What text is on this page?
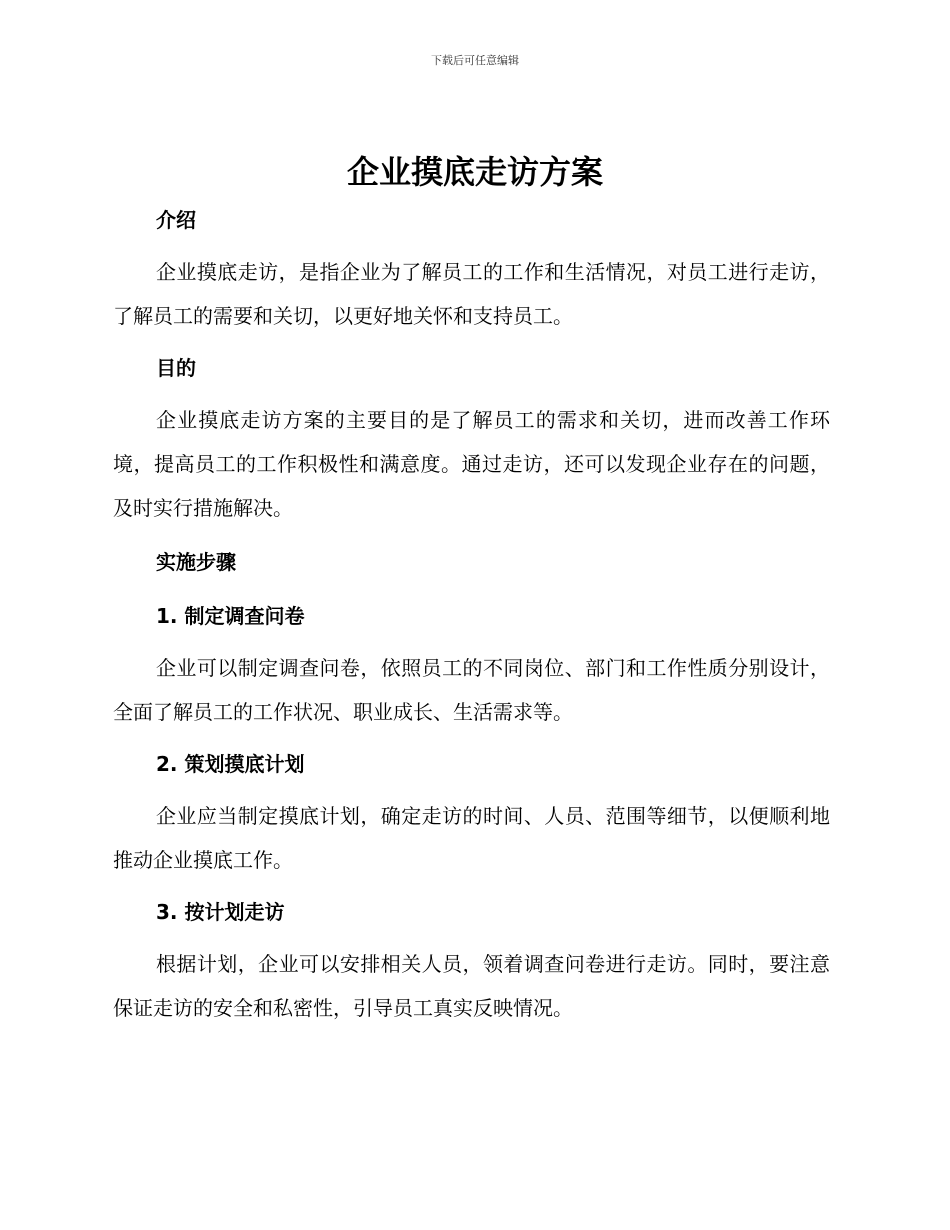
下载后可任意编辑
企业摸底走访方案
介绍

企业摸底走访，是指企业为了解员工的工作和生活情况，对员工进行走访，了解员工的需要和关切，以更好地关怀和支持员工。

目的

企业摸底走访方案的主要目的是了解员工的需求和关切，进而改善工作环境，提高员工的工作积极性和满意度。通过走访，还可以发现企业存在的问题，及时实行措施解决。

实施步骤
1. 制定调查问卷

企业可以制定调查问卷，依照员工的不同岗位、部门和工作性质分别设计，全面了解员工的工作状况、职业成长、生活需求等。

2. 策划摸底计划

企业应当制定摸底计划，确定走访的时间、人员、范围等细节，以便顺利地推动企业摸底工作。

3. 按计划走访

根据计划，企业可以安排相关人员，领着调查问卷进行走访。同时，要注意保证走访的安全和私密性，引导员工真实反映情况。
